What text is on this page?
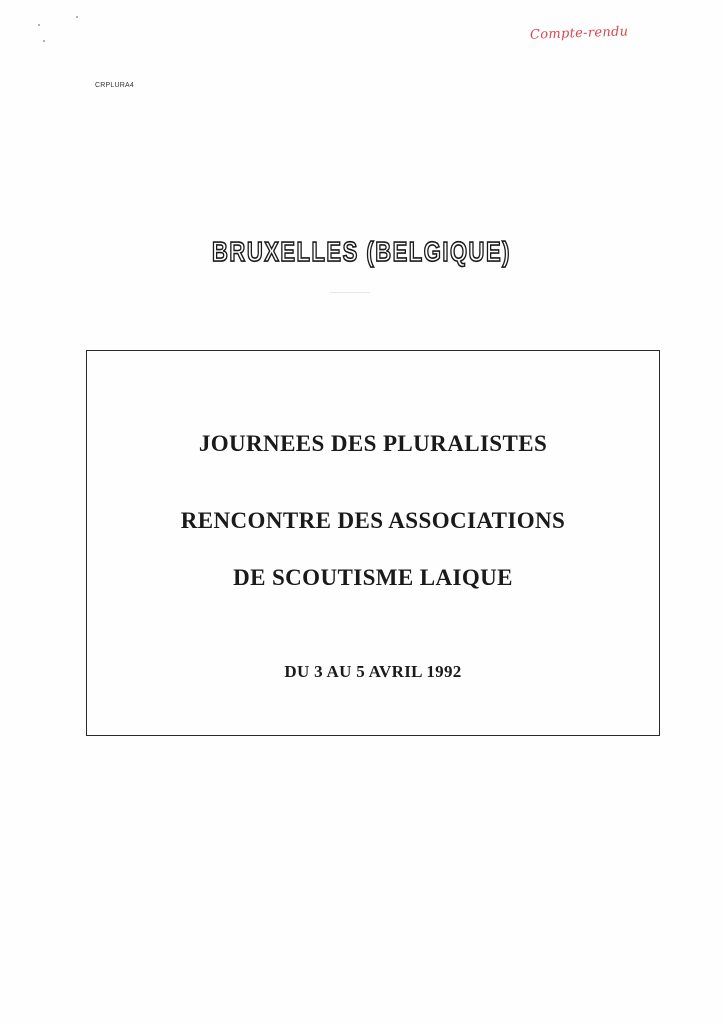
Compte-rendu
CRPLURA4
BRUXELLES (BELGIQUE)
JOURNEES DES PLURALISTES
RENCONTRE DES ASSOCIATIONS
DE SCOUTISME LAIQUE
DU 3 AU 5 AVRIL 1992
